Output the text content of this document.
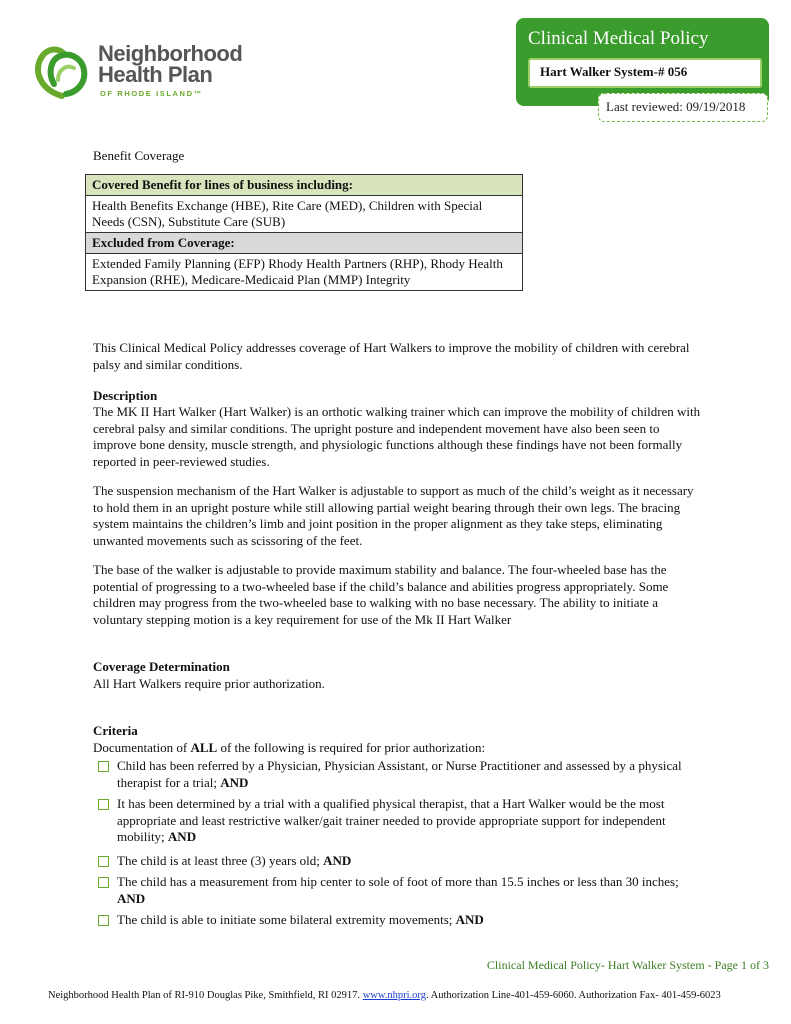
Neighborhood
Health Plan
OF RHODE ISLAND™
Clinical Medical Policy
Hart Walker System-# 056
Last reviewed: 09/19/2018
Benefit Coverage
Covered Benefit for lines of business including:
Health Benefits Exchange (HBE), Rite Care (MED), Children with Special Needs (CSN), Substitute Care (SUB)
Excluded from Coverage:
Extended Family Planning (EFP) Rhody Health Partners (RHP), Rhody Health Expansion (RHE), Medicare-Medicaid Plan (MMP) Integrity
This Clinical Medical Policy addresses coverage of Hart Walkers to improve the mobility of children with cerebral palsy and similar conditions.
Description
The MK II Hart Walker (Hart Walker) is an orthotic walking trainer which can improve the mobility of children with cerebral palsy and similar conditions. The upright posture and independent movement have also been seen to improve bone density, muscle strength, and physiologic functions although these findings have not been formally reported in peer-reviewed studies.
The suspension mechanism of the Hart Walker is adjustable to support as much of the child’s weight as it necessary to hold them in an upright posture while still allowing partial weight bearing through their own legs. The bracing system maintains the children’s limb and joint position in the proper alignment as they take steps, eliminating unwanted movements such as scissoring of the feet.
The base of the walker is adjustable to provide maximum stability and balance. The four-wheeled base has the potential of progressing to a two-wheeled base if the child’s balance and abilities progress appropriately. Some children may progress from the two-wheeled base to walking with no base necessary. The ability to initiate a voluntary stepping motion is a key requirement for use of the Mk II Hart Walker
Coverage Determination
All Hart Walkers require prior authorization.
Criteria
Documentation of ALL of the following is required for prior authorization:
Child has been referred by a Physician, Physician Assistant, or Nurse Practitioner and assessed by a physical therapist for a trial; AND
It has been determined by a trial with a qualified physical therapist, that a Hart Walker would be the most appropriate and least restrictive walker/gait trainer needed to provide appropriate support for independent mobility; AND
The child is at least three (3) years old; AND
The child has a measurement from hip center to sole of foot of more than 15.5 inches or less than 30 inches; AND
The child is able to initiate some bilateral extremity movements; AND
Clinical Medical Policy- Hart Walker System - Page 1 of 3
Neighborhood Health Plan of RI-910 Douglas Pike, Smithfield, RI 02917. www.nhpri.org. Authorization Line-401-459-6060. Authorization Fax- 401-459-6023
